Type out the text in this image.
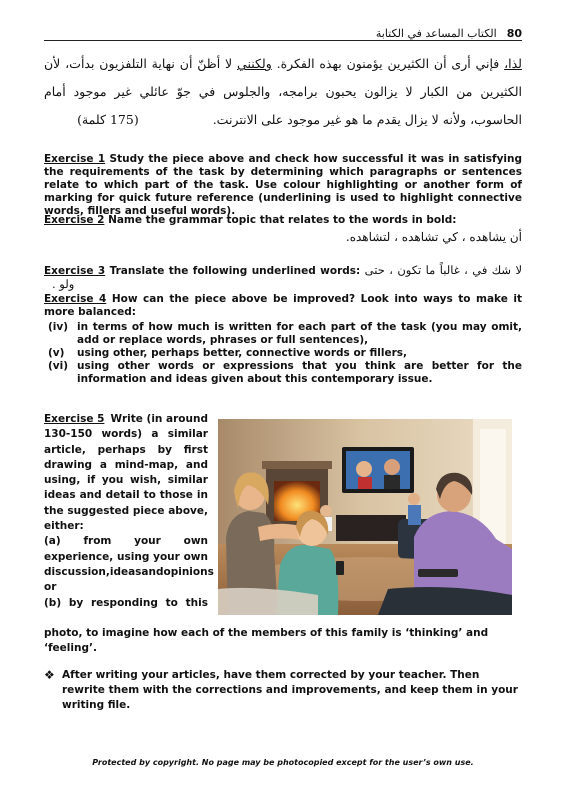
80
الكتاب المساعد في الكتابة
لذا، فإني أرى أن الكثيرين يؤمنون بهذه الفكرة. ولكنني لا أظنّ أن نهاية التلفزيون بدأت، لأن الكثيرين من الكبار لا يزالون يحبون برامجه، والجلوس في جوّ عائلي غير موجود أمام الحاسوب، ولأنه لا يزال يقدم ما هو غير موجود على الانترنت. (175 كلمة)
Exercise 1 Study the piece above and check how successful it was in satisfying the requirements of the task by determining which paragraphs or sentences relate to which part of the task. Use colour highlighting or another form of marking for quick future reference (underlining is used to highlight connective words, fillers and useful words).
Exercise 2 Name the grammar topic that relates to the words in bold:
أن يشاهده ، كي تشاهده ، لتشاهده.
Exercise 3 Translate the following underlined words: لا شك في ، غالباً ما تكون ، حتى ولو .
Exercise 4 How can the piece above be improved? Look into ways to make it more balanced:
(iv) in terms of how much is written for each part of the task (you may omit, add or replace words, phrases or full sentences),
(v)	using other, perhaps better, connective words or fillers,
(vi) using other words or expressions that you think are better for the information and ideas given about this contemporary issue.
Exercise 5 Write (in around
130-150 words) a similar
article, perhaps by first
drawing a mind-map, and
using, if you wish, similar
ideas and detail to those in
the suggested piece above,
either:
(a) from your own
experience, using your own
discussion, ideas and opinions
or
(b) by responding to this
photo, to imagine how each of the members of this family is ‘thinking’ and ‘feeling’.
❖ After writing your articles, have them corrected by your teacher. Then rewrite them with the corrections and improvements, and keep them in your writing file.
Protected by copyright. No page may be photocopied except for the user’s own use.
